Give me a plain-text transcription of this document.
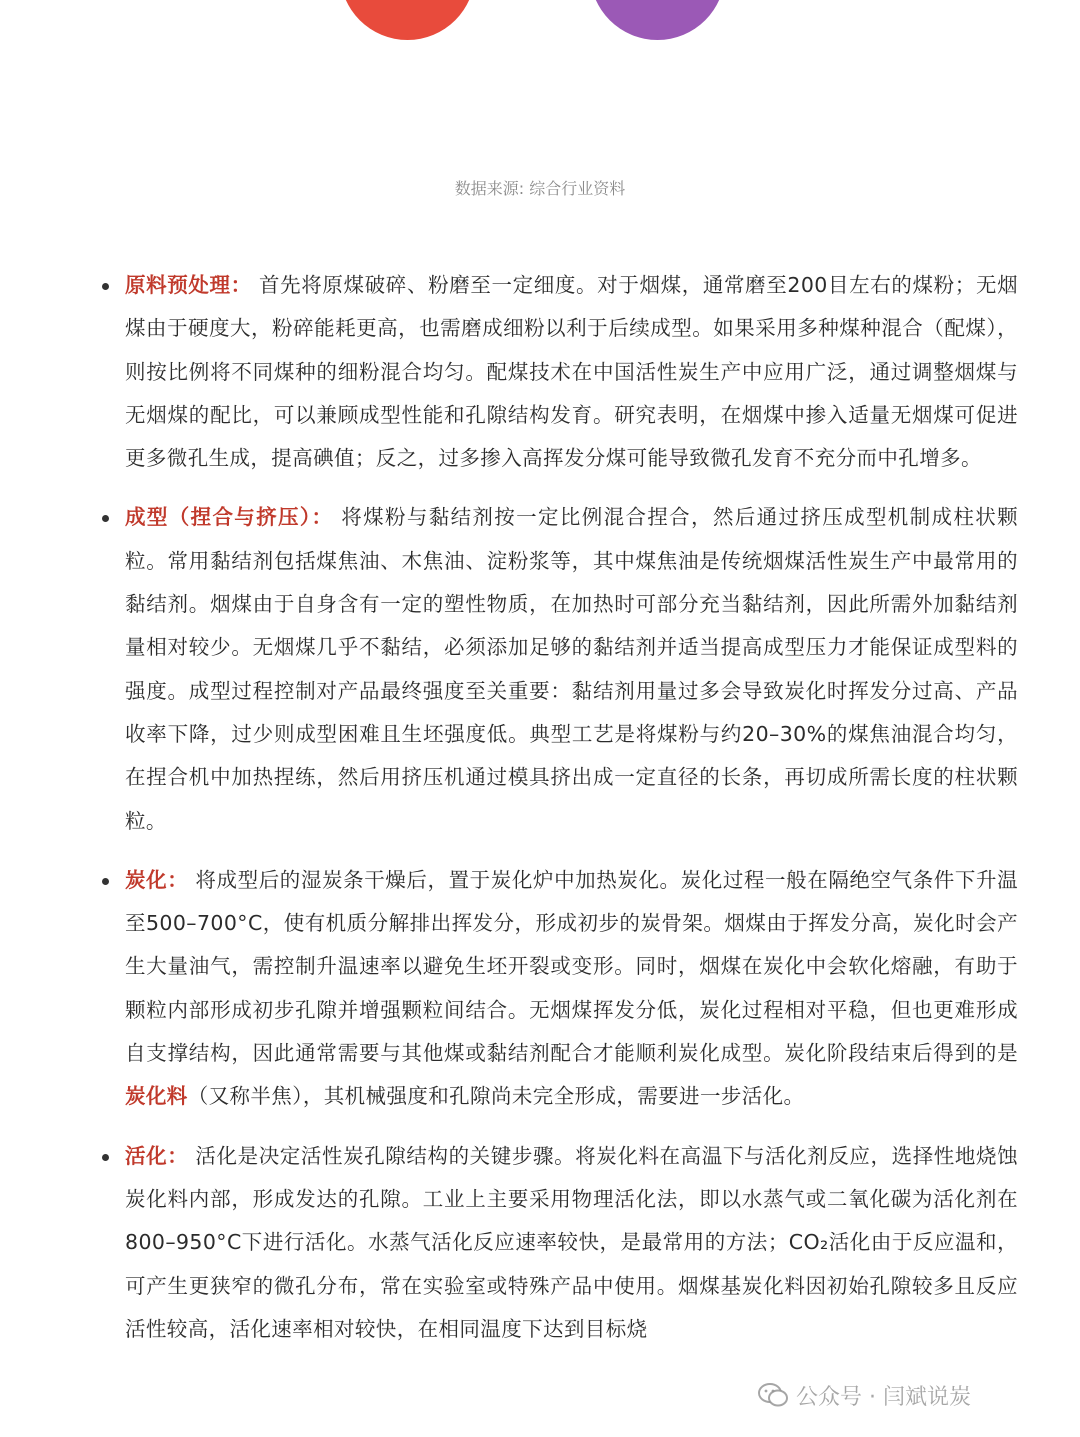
数据来源: 综合行业资料

原料预处理： 首先将原煤破碎、粉磨至一定细度。对于烟煤，通常磨至200目左右的煤粉；无烟煤由于硬度大，粉碎能耗更高，也需磨成细粉以利于后续成型。如果采用多种煤种混合（配煤），则按比例将不同煤种的细粉混合均匀。配煤技术在中国活性炭生产中应用广泛，通过调整烟煤与无烟煤的配比，可以兼顾成型性能和孔隙结构发育。研究表明，在烟煤中掺入适量无烟煤可促进更多微孔生成，提高碘值；反之，过多掺入高挥发分煤可能导致微孔发育不充分而中孔增多。

成型（捏合与挤压）： 将煤粉与黏结剂按一定比例混合捏合，然后通过挤压成型机制成柱状颗粒。常用黏结剂包括煤焦油、木焦油、淀粉浆等，其中煤焦油是传统烟煤活性炭生产中最常用的黏结剂。烟煤由于自身含有一定的塑性物质，在加热时可部分充当黏结剂，因此所需外加黏结剂量相对较少。无烟煤几乎不黏结，必须添加足够的黏结剂并适当提高成型压力才能保证成型料的强度。成型过程控制对产品最终强度至关重要：黏结剂用量过多会导致炭化时挥发分过高、产品收率下降，过少则成型困难且生坯强度低。典型工艺是将煤粉与约20–30%的煤焦油混合均匀，在捏合机中加热捏练，然后用挤压机通过模具挤出成一定直径的长条，再切成所需长度的柱状颗粒。

炭化： 将成型后的湿炭条干燥后，置于炭化炉中加热炭化。炭化过程一般在隔绝空气条件下升温至500–700°C，使有机质分解排出挥发分，形成初步的炭骨架。烟煤由于挥发分高，炭化时会产生大量油气，需控制升温速率以避免生坯开裂或变形。同时，烟煤在炭化中会软化熔融，有助于颗粒内部形成初步孔隙并增强颗粒间结合。无烟煤挥发分低，炭化过程相对平稳，但也更难形成自支撑结构，因此通常需要与其他煤或黏结剂配合才能顺利炭化成型。炭化阶段结束后得到的是炭化料（又称半焦），其机械强度和孔隙尚未完全形成，需要进一步活化。

活化： 活化是决定活性炭孔隙结构的关键步骤。将炭化料在高温下与活化剂反应，选择性地烧蚀炭化料内部，形成发达的孔隙。工业上主要采用物理活化法，即以水蒸气或二氧化碳为活化剂在800–950°C下进行活化。水蒸气活化反应速率较快，是最常用的方法；CO₂活化由于反应温和，可产生更狭窄的微孔分布，常在实验室或特殊产品中使用。烟煤基炭化料因初始孔隙较多且反应活性较高，活化速率相对较快，在相同温度下达到目标烧

公众号 · 闫斌说炭
